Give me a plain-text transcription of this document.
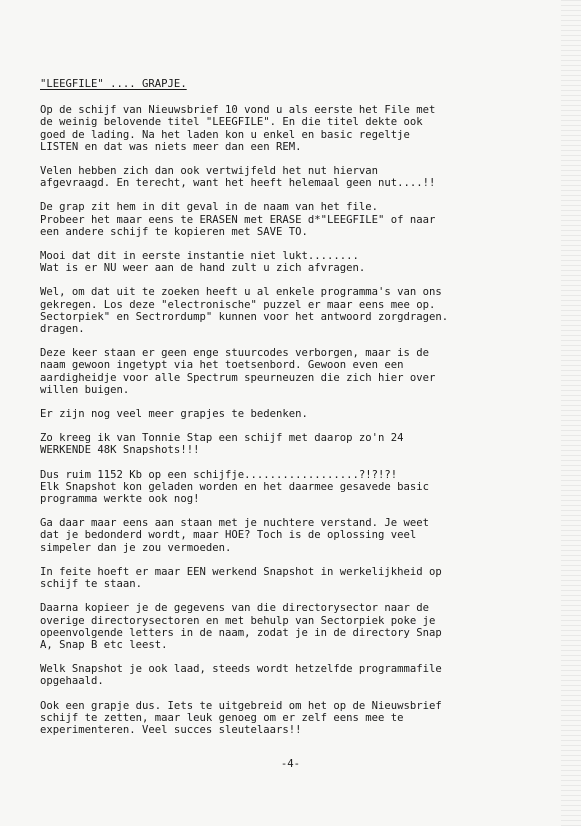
"LEEGFILE" .... GRAPJE.
Op de schijf van Nieuwsbrief 10 vond u als eerste het File met
de weinig belovende titel "LEEGFILE". En die titel dekte ook
goed de lading. Na het laden kon u enkel en basic regeltje
LISTEN en dat was niets meer dan een REM.
Velen hebben zich dan ook vertwijfeld het nut hiervan
afgevraagd. En terecht, want het heeft helemaal geen nut....!!
De grap zit hem in dit geval in de naam van het file.
Probeer het maar eens te ERASEN met ERASE d*"LEEGFILE" of naar
een andere schijf te kopieren met SAVE TO.
Mooi dat dit in eerste instantie niet lukt........
Wat is er NU weer aan de hand zult u zich afvragen.
Wel, om dat uit te zoeken heeft u al enkele programma's van ons
gekregen. Los deze "electronische" puzzel er maar eens mee op.
Sectorpiek" en Sectrordump" kunnen voor het antwoord zorgdragen.
dragen.
Deze keer staan er geen enge stuurcodes verborgen, maar is de
naam gewoon ingetypt via het toetsenbord. Gewoon even een
aardigheidje voor alle Spectrum speurneuzen die zich hier over
willen buigen.
Er zijn nog veel meer grapjes te bedenken.
Zo kreeg ik van Tonnie Stap een schijf met daarop zo'n 24
WERKENDE 48K Snapshots!!!
Dus ruim 1152 Kb op een schijfje..................?!?!?!
Elk Snapshot kon geladen worden en het daarmee gesavede basic
programma werkte ook nog!
Ga daar maar eens aan staan met je nuchtere verstand. Je weet
dat je bedonderd wordt, maar HOE? Toch is de oplossing veel
simpeler dan je zou vermoeden.
In feite hoeft er maar EEN werkend Snapshot in werkelijkheid op
schijf te staan.
Daarna kopieer je de gegevens van die directorysector naar de
overige directorysectoren en met behulp van Sectorpiek poke je
opeenvolgende letters in de naam, zodat je in de directory Snap
A, Snap B etc leest.
Welk Snapshot je ook laad, steeds wordt hetzelfde programmafile
opgehaald.
Ook een grapje dus. Iets te uitgebreid om het op de Nieuwsbrief
schijf te zetten, maar leuk genoeg om er zelf eens mee te
experimenteren. Veel succes sleutelaars!!
-4-
